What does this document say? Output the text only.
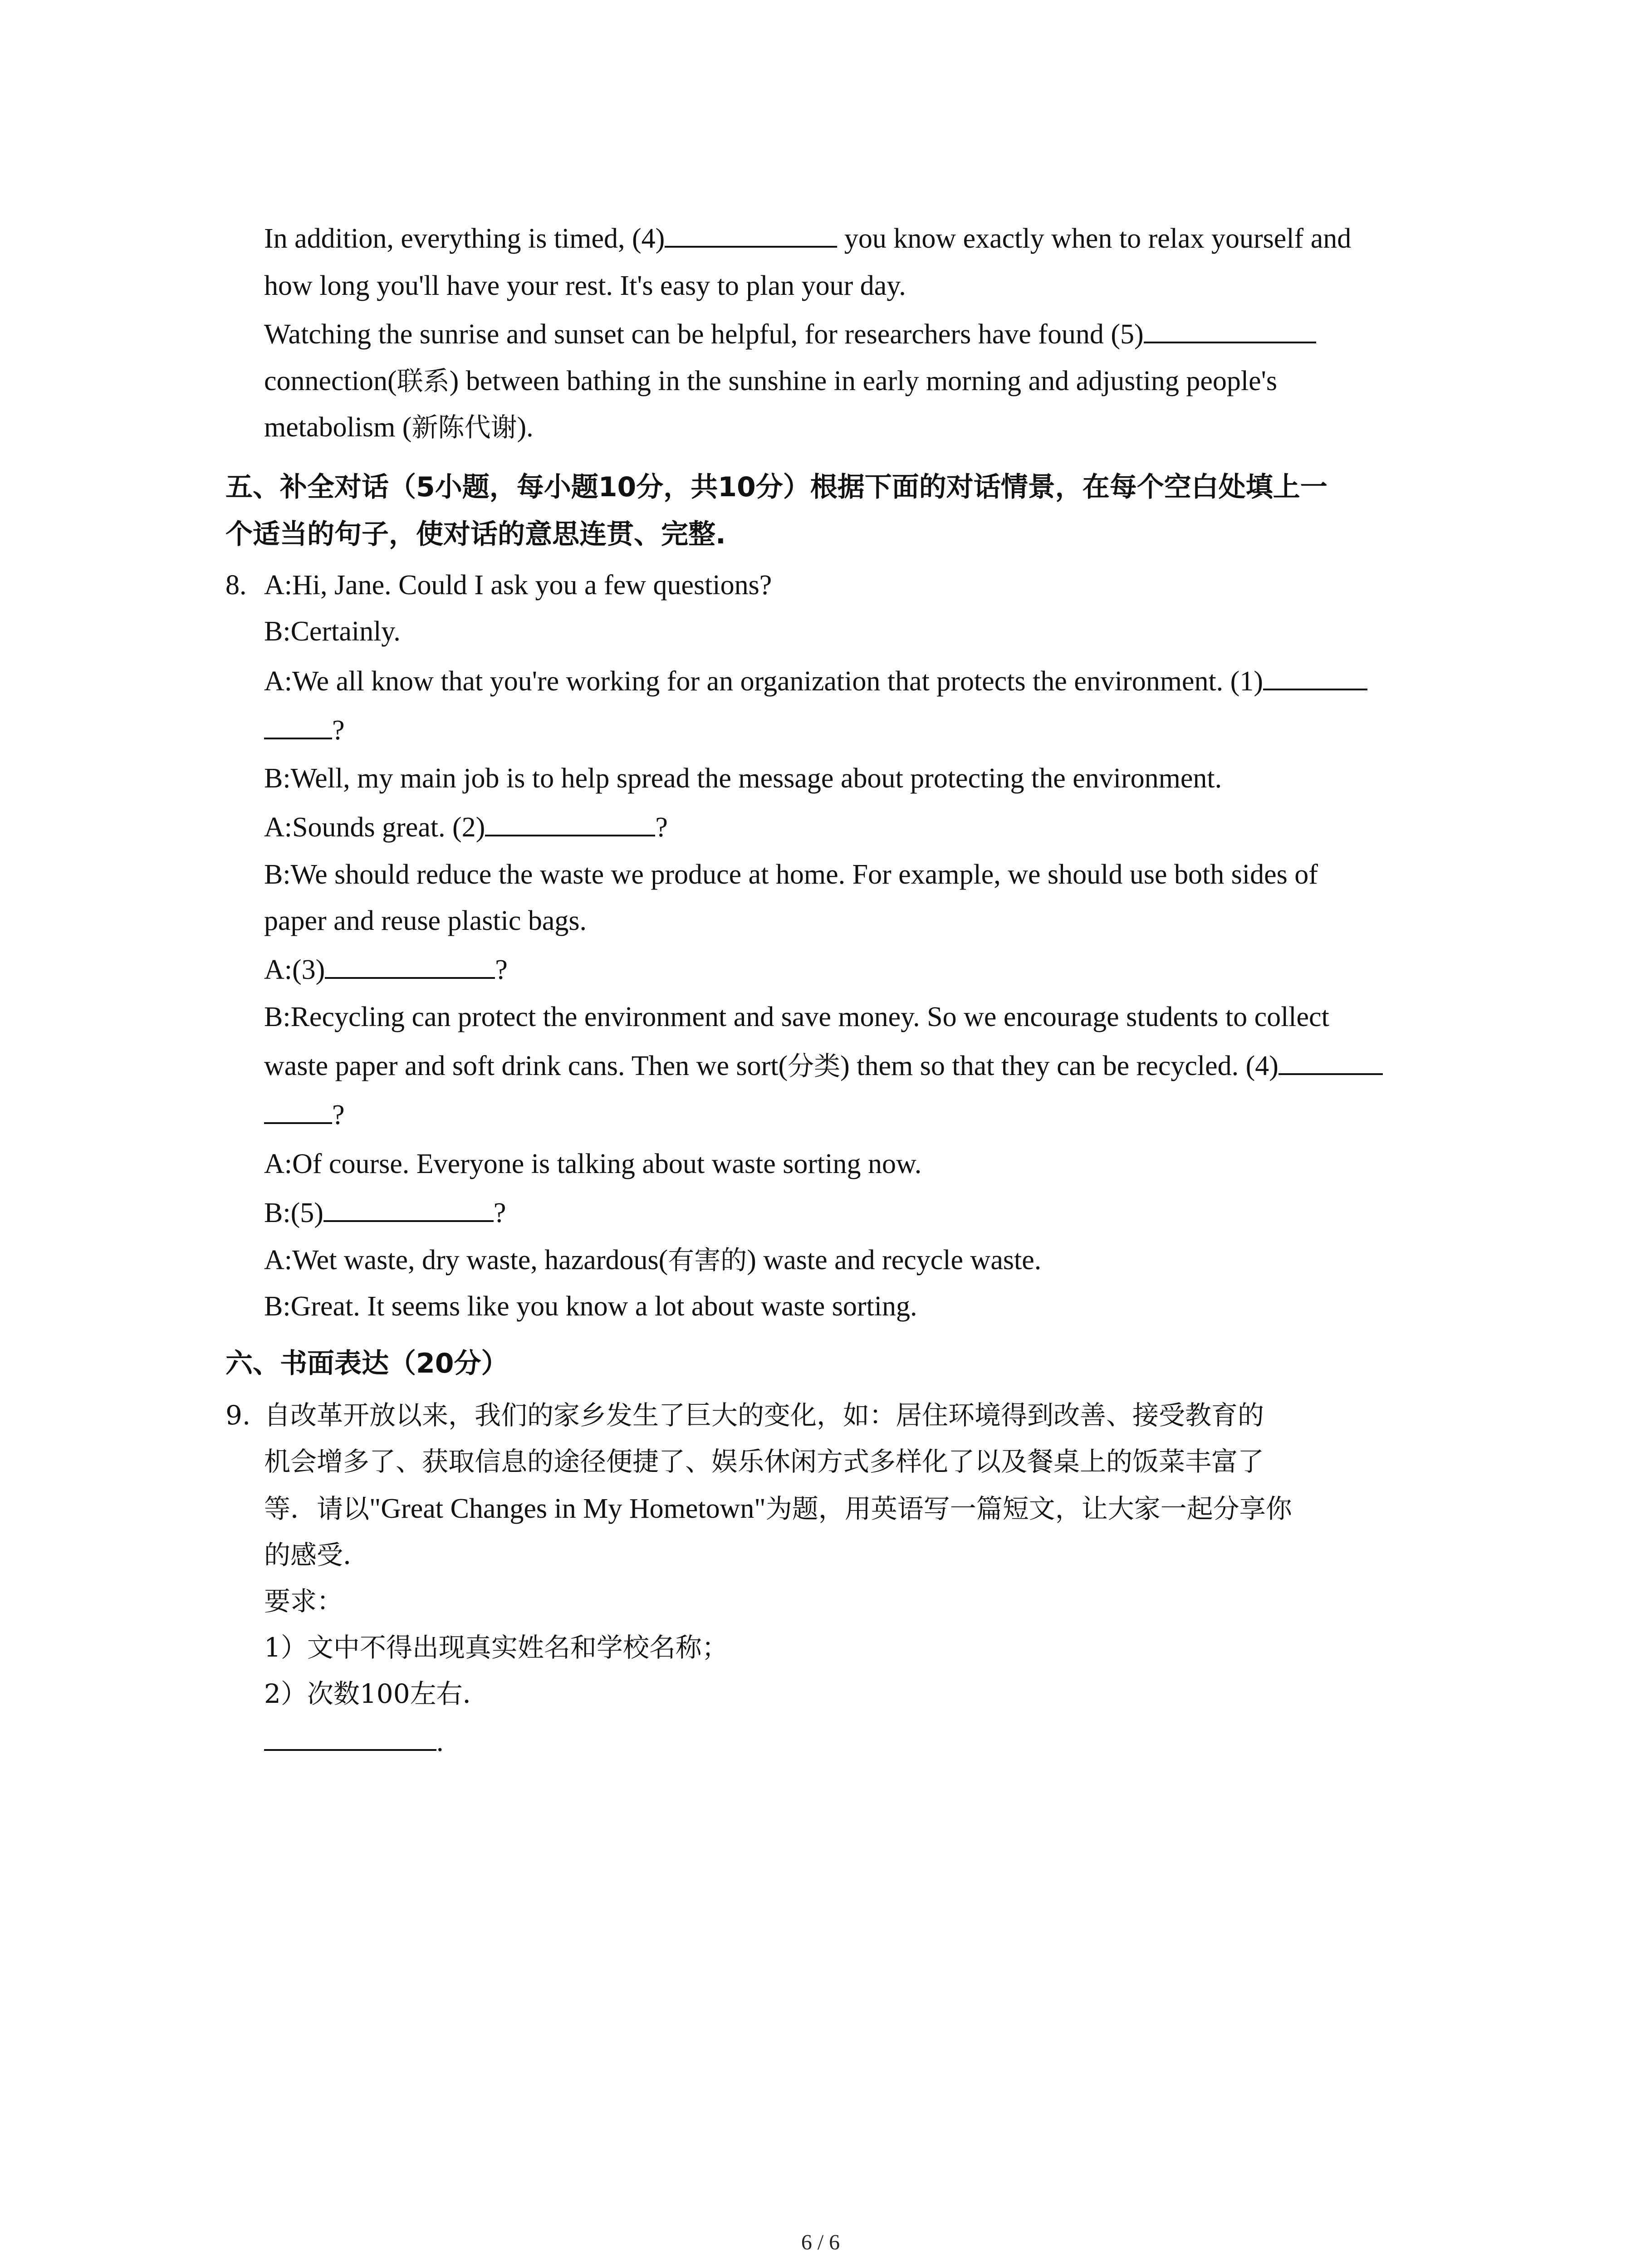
In addition, everything is timed, (4)	you know exactly when to relax yourself and
how long you'll have your rest. It's easy to plan your day.
Watching the sunrise and sunset can be helpful, for researchers have found (5)
connection(联系) between bathing in the sunshine in early morning and adjusting people's
metabolism (新陈代谢).
五、补全对话（5小题，每小题10分，共10分）根据下面的对话情景，在每个空白处填上一
个适当的句子，使对话的意思连贯、完整.
8. A:Hi, Jane. Could I ask you a few questions?
B:Certainly.
A:We all know that you're working for an organization that protects the environment. (1)
?
B:Well, my main job is to help spread the message about protecting the environment.
A:Sounds great. (2)	?
B:We should reduce the waste we produce at home. For example, we should use both sides of
paper and reuse plastic bags.
A:(3)	?
B:Recycling can protect the environment and save money. So we encourage students to collect
waste paper and soft drink cans. Then we sort(分类) them so that they can be recycled. (4)
?
A:Of course. Everyone is talking about waste sorting now.
B:(5)	?
A:Wet waste, dry waste, hazardous(有害的) waste and recycle waste.
B:Great. It seems like you know a lot about waste sorting.
六、书面表达（20分）
9. 自改革开放以来，我们的家乡发生了巨大的变化，如：居住环境得到改善、接受教育的
机会增多了、获取信息的途径便捷了、娱乐休闲方式多样化了以及餐桌上的饭菜丰富了
等．请以"Great Changes in My Hometown"为题，用英语写一篇短文，让大家一起分享你
的感受．
要求：
1）文中不得出现真实姓名和学校名称；
2）次数100左右．
.
6 / 6
